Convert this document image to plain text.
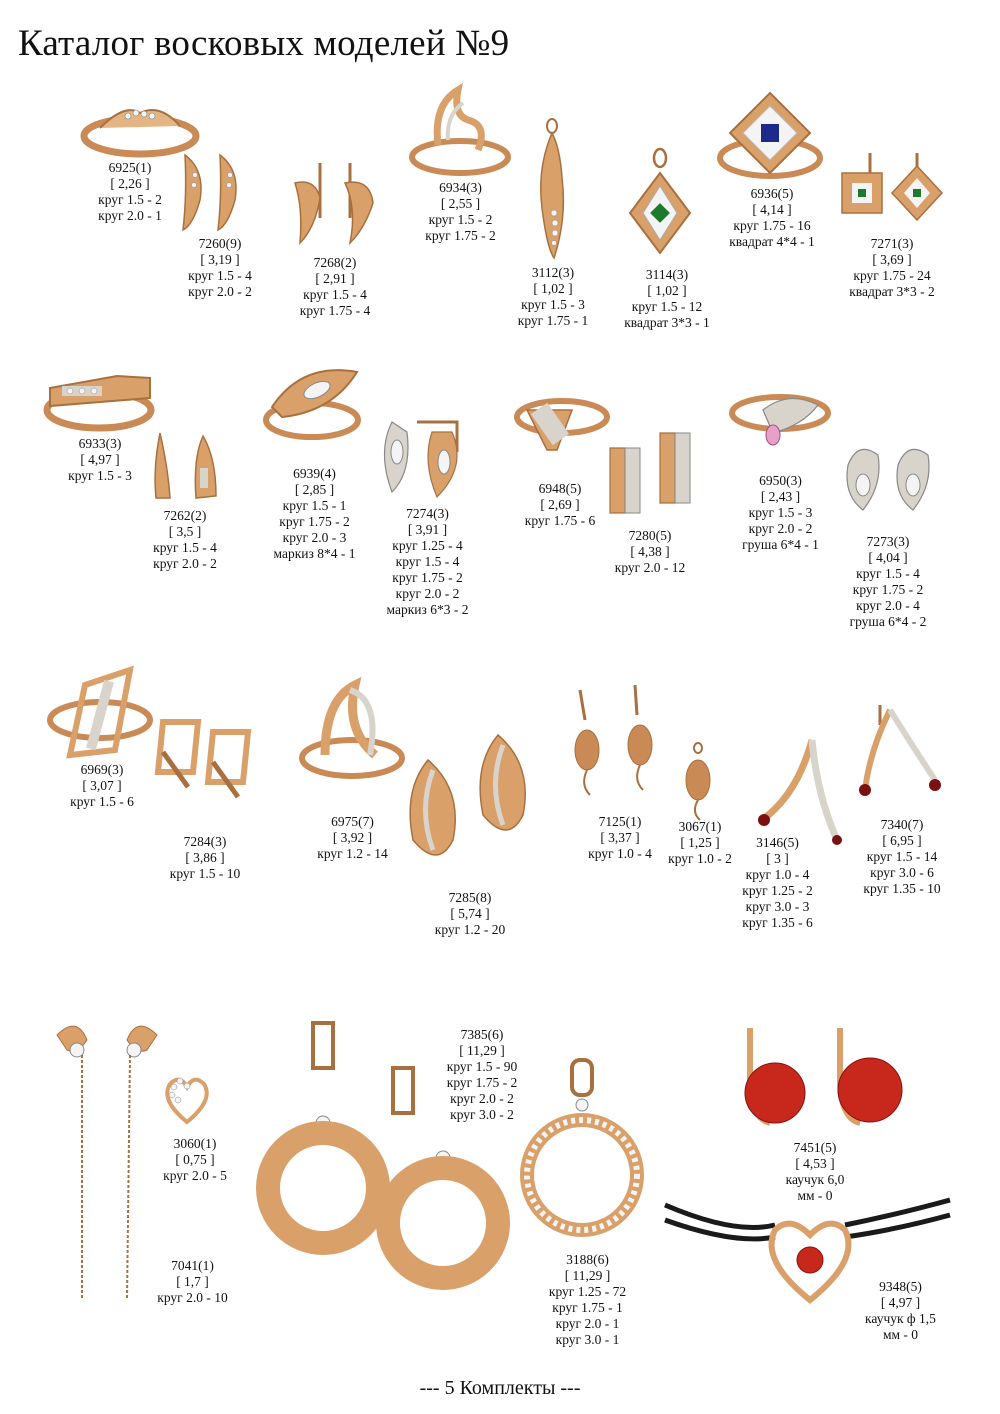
Каталог восковых моделей №9
6925(1)
[ 2,26 ]
круг 1.5 - 2
круг 2.0 - 1
7260(9)
[ 3,19 ]
круг 1.5 - 4
круг 2.0 - 2
7268(2)
[ 2,91 ]
круг 1.5 - 4
круг 1.75 - 4
6934(3)
[ 2,55 ]
круг 1.5 - 2
круг 1.75 - 2
3112(3)
[ 1,02 ]
круг 1.5 - 3
круг 1.75 - 1
3114(3)
[ 1,02 ]
круг 1.5 - 12
квадрат 3*3 - 1
6936(5)
[ 4,14 ]
круг 1.75 - 16
квадрат 4*4 - 1	7271(3)
[ 3,69 ]
круг 1.75 - 24
квадрат 3*3 - 2
6933(3)
[ 4,97 ]
круг 1.5 - 3
7262(2)
[ 3,5 ]
круг 1.5 - 4
круг 2.0 - 2
6939(4)
[ 2,85 ]
круг 1.5 - 1
круг 1.75 - 2
круг 2.0 - 3
маркиз 8*4 - 1
7274(3)
[ 3,91 ]
круг 1.25 - 4
круг 1.5 - 4
круг 1.75 - 2
круг 2.0 - 2
маркиз 6*3 - 2
6948(5)
[ 2,69 ]
круг 1.75 - 6
7280(5)
[ 4,38 ]
круг 2.0 - 12
6950(3)
[ 2,43 ]
круг 1.5 - 3
круг 2.0 - 2
груша 6*4 - 1	7273(3)
[ 4,04 ]
круг 1.5 - 4
круг 1.75 - 2
круг 2.0 - 4
груша 6*4 - 2
6969(3)
[ 3,07 ]
круг 1.5 - 6
7284(3)
[ 3,86 ]
круг 1.5 - 10
6975(7)
[ 3,92 ]
круг 1.2 - 14
7285(8)
[ 5,74 ]
круг 1.2 - 20
7125(1)
[ 3,37 ]
круг 1.0 - 4
3067(1)
[ 1,25 ]
круг 1.0 - 2
3146(5)
[ 3 ]
круг 1.0 - 4
круг 1.25 - 2
круг 3.0 - 3
круг 1.35 - 6
7340(7)
[ 6,95 ]
круг 1.5 - 14
круг 3.0 - 6
круг 1.35 - 10
3060(1)
[ 0,75 ]
круг 2.0 - 5
7041(1)
[ 1,7 ]
круг 2.0 - 10
7385(6)
[ 11,29 ]
круг 1.5 - 90
круг 1.75 - 2
круг 2.0 - 2
круг 3.0 - 2
3188(6)
[ 11,29 ]
круг 1.25 - 72
круг 1.75 - 1
круг 2.0 - 1
круг 3.0 - 1
7451(5)
[ 4,53 ]
каучук 6,0
мм - 0
9348(5)
[ 4,97 ]
каучук ф 1,5
мм - 0
--- 5 Комплекты ---
